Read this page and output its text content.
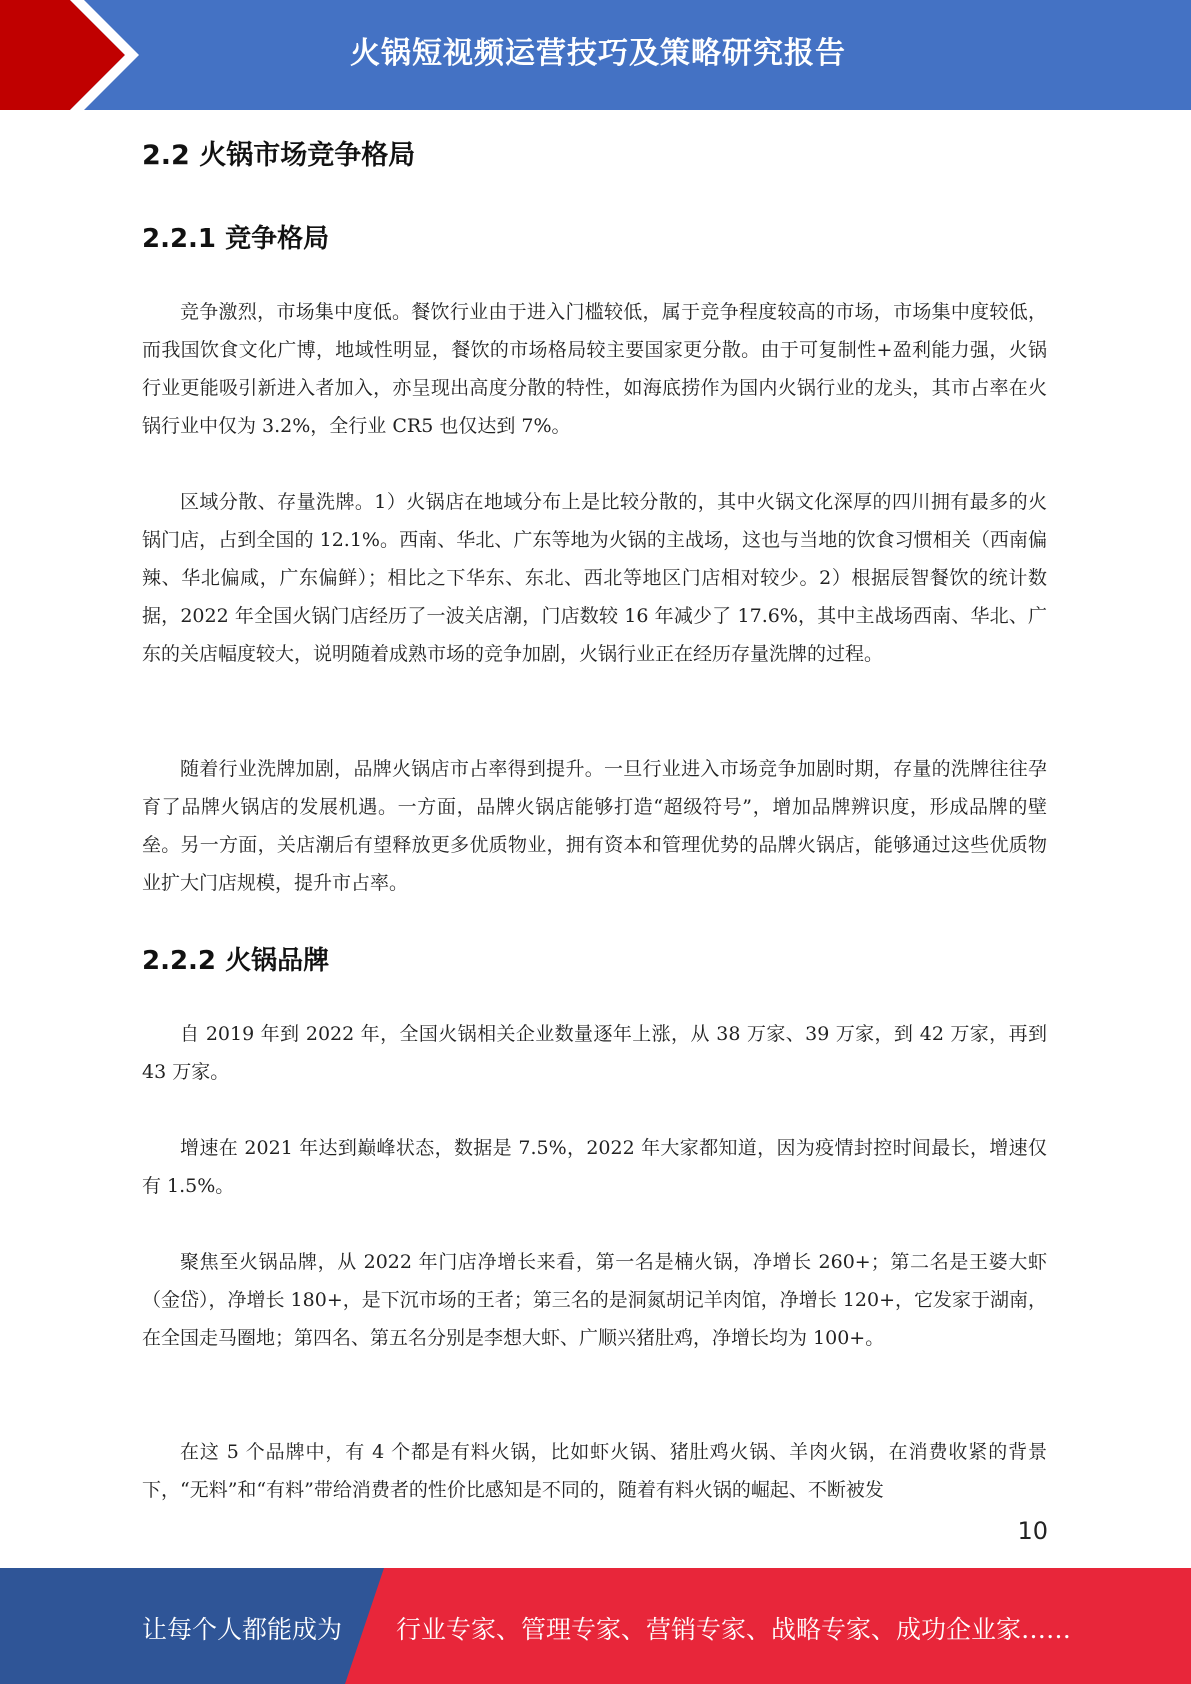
火锅短视频运营技巧及策略研究报告
2.2 火锅市场竞争格局
2.2.1 竞争格局

竞争激烈，市场集中度低。餐饮行业由于进入门槛较低，属于竞争程度较高的市场，市场集中度较低，而我国饮食文化广博，地域性明显，餐饮的市场格局较主要国家更分散。由于可复制性+盈利能力强，火锅行业更能吸引新进入者加入，亦呈现出高度分散的特性，如海底捞作为国内火锅行业的龙头，其市占率在火锅行业中仅为 3.2%，全行业 CR5 也仅达到 7%。

区域分散、存量洗牌。1）火锅店在地域分布上是比较分散的，其中火锅文化深厚的四川拥有最多的火锅门店，占到全国的 12.1%。西南、华北、广东等地为火锅的主战场，这也与当地的饮食习惯相关（西南偏辣、华北偏咸，广东偏鲜）；相比之下华东、东北、西北等地区门店相对较少。2）根据辰智餐饮的统计数据，2022 年全国火锅门店经历了一波关店潮，门店数较 16 年减少了 17.6%，其中主战场西南、华北、广东的关店幅度较大，说明随着成熟市场的竞争加剧，火锅行业正在经历存量洗牌的过程。

随着行业洗牌加剧，品牌火锅店市占率得到提升。一旦行业进入市场竞争加剧时期，存量的洗牌往往孕育了品牌火锅店的发展机遇。一方面，品牌火锅店能够打造“超级符号”，增加品牌辨识度，形成品牌的壁垒。另一方面，关店潮后有望释放更多优质物业，拥有资本和管理优势的品牌火锅店，能够通过这些优质物业扩大门店规模，提升市占率。

2.2.2 火锅品牌

自 2019 年到 2022 年，全国火锅相关企业数量逐年上涨，从 38 万家、39 万家，到 42 万家，再到 43 万家。

增速在 2021 年达到巅峰状态，数据是 7.5%，2022 年大家都知道，因为疫情封控时间最长，增速仅有 1.5%。

聚焦至火锅品牌，从 2022 年门店净增长来看，第一名是楠火锅，净增长 260+；第二名是王婆大虾（金岱），净增长 180+，是下沉市场的王者；第三名的是洞氮胡记羊肉馆，净增长 120+，它发家于湖南，在全国走马圈地；第四名、第五名分别是李想大虾、广顺兴猪肚鸡，净增长均为 100+。

在这 5 个品牌中，有 4 个都是有料火锅，比如虾火锅、猪肚鸡火锅、羊肉火锅，在消费收紧的背景下，“无料”和“有料”带给消费者的性价比感知是不同的，随着有料火锅的崛起、不断被发

10
让每个人都能成为 行业专家、管理专家、营销专家、战略专家、成功企业家……
